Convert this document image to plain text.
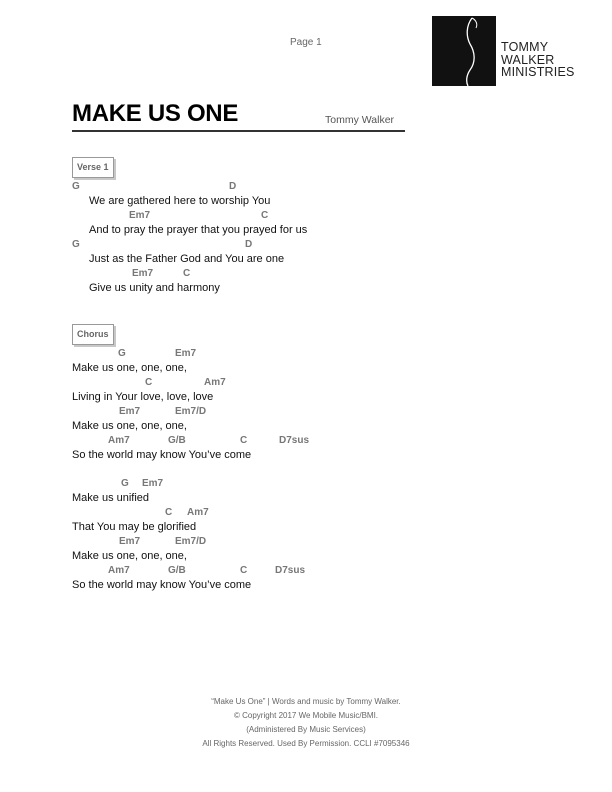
Page 1	TOMMY
WALKER
MINISTRIES
MAKE US ONE	Tommy Walker
Verse 1
G	D
We are gathered here to worship You
Em7	C
And to pray the prayer that you prayed for us
G	D
Just as the Father God and You are one
Em7	C
Give us unity and harmony
Chorus
G	Em7
Make us one, one, one,
C	Am7
Living in Your love, love, love
Em7	Em7/D
Make us one, one, one,
Am7	G/B	C	D7sus
So the world may know You’ve come
G Em7
Make us unified
C Am7
That You may be glorified
Em7	Em7/D
Make us one, one, one,
Am7	G/B	C	D7sus
So the world may know You’ve come
“Make Us One” | Words and music by Tommy Walker.
© Copyright 2017 We Mobile Music/BMI.
(Administered By Music Services)
All Rights Reserved. Used By Permission. CCLI #7095346
